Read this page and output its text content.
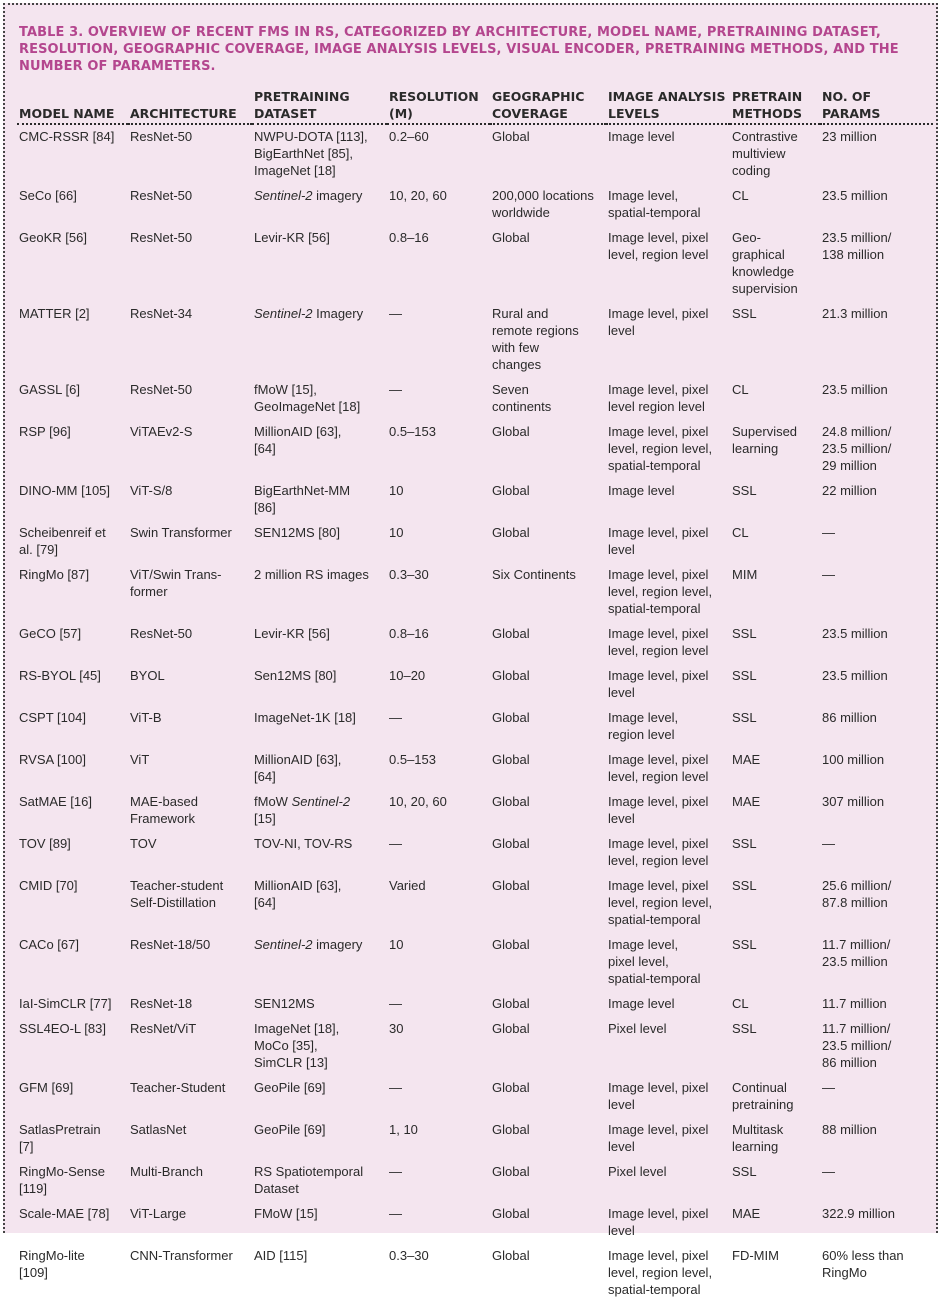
TABLE 3. OVERVIEW OF RECENT FMS IN RS, CATEGORIZED BY ARCHITECTURE, MODEL NAME, PRETRAINING DATASET, RESOLUTION, GEOGRAPHIC COVERAGE, IMAGE ANALYSIS LEVELS, VISUAL ENCODER, PRETRAINING METHODS, AND THE NUMBER OF PARAMETERS.
MODEL NAME	ARCHITECTURE	PRETRAINING
DATASET	RESOLUTION
(M)	GEOGRAPHIC
COVERAGE	IMAGE ANALYSIS
LEVELS	PRETRAIN
METHODS	NO. OF PARAMS
CMC-RSSR [84]	ResNet-50	NWPU-DOTA [113],
BigEarthNet [85],
ImageNet [18]	0.2–60	Global	Image level	Contrastive
multiview
coding	23 million
SeCo [66]	ResNet-50	Sentinel-2 imagery	10, 20, 60	200,000 locations
worldwide	Image level,
spatial-temporal	CL	23.5 million
GeoKR [56]	ResNet-50	Levir-KR [56]	0.8–16	Global	Image level, pixel
level, region level	Geo-
graphical
knowledge
supervision	23.5 million/
138 million
MATTER [2]	ResNet-34	Sentinel-2 Imagery	—	Rural and
remote regions
with few
changes	Image level, pixel
level	SSL	21.3 million
GASSL [6]	ResNet-50	fMoW [15],
GeoImageNet [18]	—	Seven
continents	Image level, pixel
level region level	CL	23.5 million
RSP [96]	ViTAEv2-S	MillionAID [63],
[64]	0.5–153	Global	Image level, pixel
level, region level,
spatial-temporal	Supervised
learning	24.8 million/
23.5 million/
29 million
DINO-MM [105]	ViT-S/8	BigEarthNet-MM
[86]	10	Global	Image level	SSL	22 million
Scheibenreif et
al. [79]	Swin Transformer	SEN12MS [80]	10	Global	Image level, pixel
level	CL	—
RingMo [87]	ViT/Swin Trans-
former	2 million RS images	0.3–30	Six Continents	Image level, pixel
level, region level,
spatial-temporal	MIM	—
GeCO [57]	ResNet-50	Levir-KR [56]	0.8–16	Global	Image level, pixel
level, region level	SSL	23.5 million
RS-BYOL [45]	BYOL	Sen12MS [80]	10–20	Global	Image level, pixel
level	SSL	23.5 million
CSPT [104]	ViT-B	ImageNet-1K [18]	—	Global	Image level,
region level	SSL	86 million
RVSA [100]	ViT	MillionAID [63],
[64]	0.5–153	Global	Image level, pixel
level, region level	MAE	100 million
SatMAE [16]	MAE-based
Framework	fMoW Sentinel-2
[15]	10, 20, 60	Global	Image level, pixel
level	MAE	307 million
TOV [89]	TOV	TOV-NI, TOV-RS	—	Global	Image level, pixel
level, region level	SSL	—
CMID [70]	Teacher-student
Self-Distillation	MillionAID [63],
[64]	Varied	Global	Image level, pixel
level, region level,
spatial-temporal	SSL	25.6 million/
87.8 million
CACo [67]	ResNet-18/50	Sentinel-2 imagery	10	Global	Image level,
pixel level,
spatial-temporal	SSL	11.7 million/
23.5 million
IaI-SimCLR [77]	ResNet-18	SEN12MS	—	Global	Image level	CL	11.7 million
SSL4EO-L [83]	ResNet/ViT	ImageNet [18],
MoCo [35],
SimCLR [13]	30	Global	Pixel level	SSL	11.7 million/
23.5 million/
86 million
GFM [69]	Teacher-Student	GeoPile [69]	—	Global	Image level, pixel
level	Continual
pretraining	—
SatlasPretrain
[7]	SatlasNet	GeoPile [69]	1, 10	Global	Image level, pixel
level	Multitask
learning	88 million
RingMo-Sense
[119]	Multi-Branch	RS Spatiotemporal
Dataset	—	Global	Pixel level	SSL	—
Scale-MAE [78]	ViT-Large	FMoW [15]	—	Global	Image level, pixel
level	MAE	322.9 million
RingMo-lite
[109]	CNN-Transformer	AID [115]	0.3–30	Global	Image level, pixel
level, region level,
spatial-temporal	FD-MIM	60% less than
RingMo
